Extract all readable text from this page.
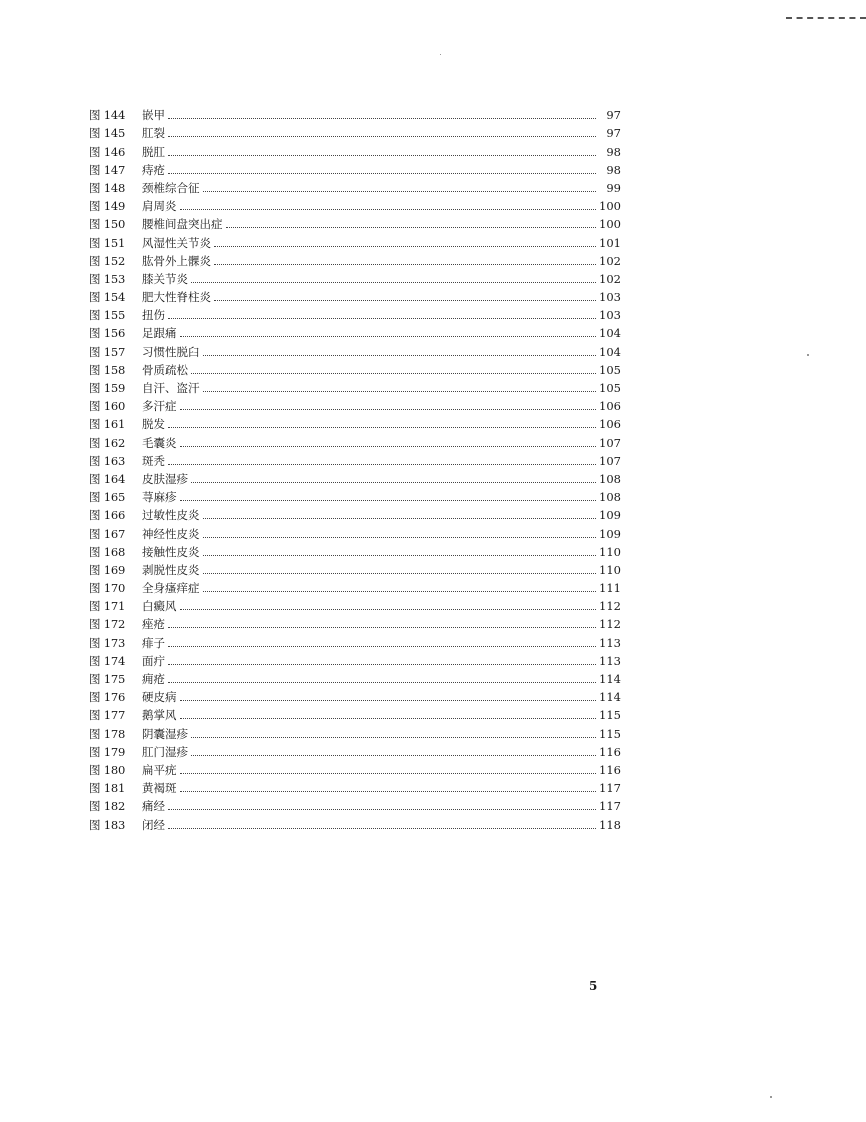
图 144	嵌甲	97
图 145	肛裂	97
图 146	脱肛	98
图 147	痔疮	98
图 148	颈椎综合征	99
图 149	肩周炎	100
图 150	腰椎间盘突出症	100
图 151	风湿性关节炎	101
图 152	肱骨外上髁炎	102
图 153	膝关节炎	102
图 154	肥大性脊柱炎	103
图 155	扭伤	103
图 156	足跟痛	104
图 157	习惯性脱臼	104
图 158	骨质疏松	105
图 159	自汗、盗汗	105
图 160	多汗症	106
图 161	脱发	106
图 162	毛囊炎	107
图 163	斑秃	107
图 164	皮肤湿疹	108
图 165	荨麻疹	108
图 166	过敏性皮炎	109
图 167	神经性皮炎	109
图 168	接触性皮炎	110
图 169	剥脱性皮炎	110
图 170	全身瘙痒症	111
图 171	白癜风	112
图 172	痤疮	112
图 173	痱子	113
图 174	面疔	113
图 175	痈疮	114
图 176	硬皮病	114
图 177	鹅掌风	115
图 178	阴囊湿疹	115
图 179	肛门湿疹	116
图 180	扁平疣	116
图 181	黄褐斑	117
图 182	痛经	117
图 183	闭经	118
5
